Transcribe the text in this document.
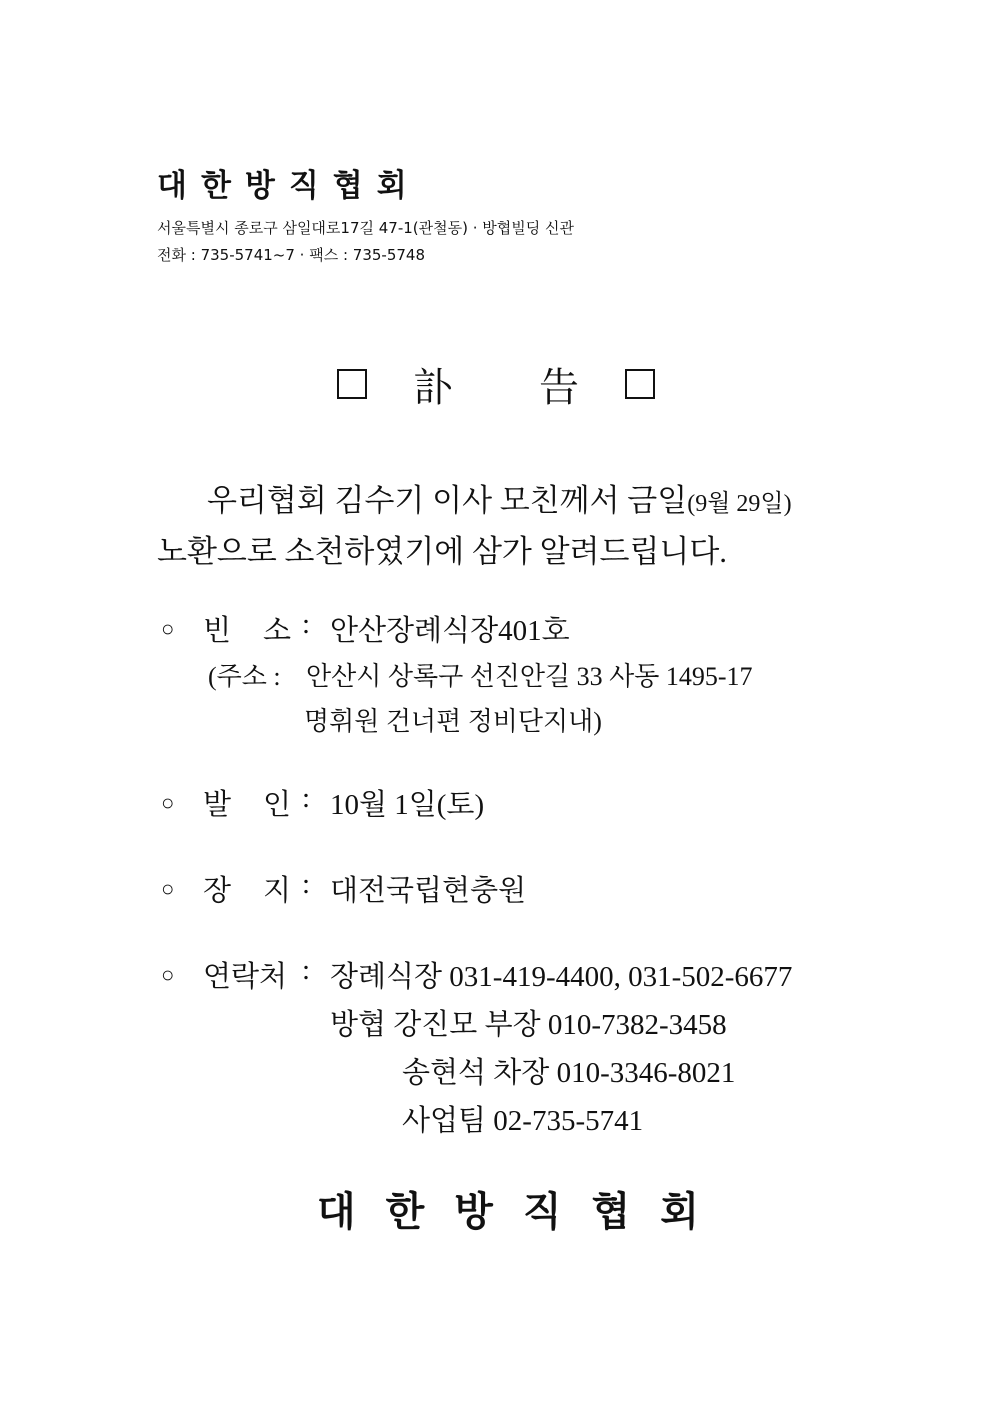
대한방직협회
서울특별시 종로구 삼일대로17길 47-1(관철동) · 방협빌딩 신관
전화 : 735-5741~7 · 팩스 : 735-5748
訃 告
우리협회 김수기 이사 모친께서 금일(9월 29일)
노환으로 소천하였기에 삼가 알려드립니다.
○ 빈 소 : 안산장례식장401호
(주소 : 안산시 상록구 선진안길 33 사동 1495-17
명휘원 건너편 정비단지내)
○ 발 인 : 10월 1일(토)
○ 장 지 : 대전국립현충원
○ 연락처 : 장례식장 031-419-4400, 031-502-6677
방협 강진모 부장 010-7382-3458
송현석 차장 010-3346-8021
사업팀 02-735-5741
대한방직협회
